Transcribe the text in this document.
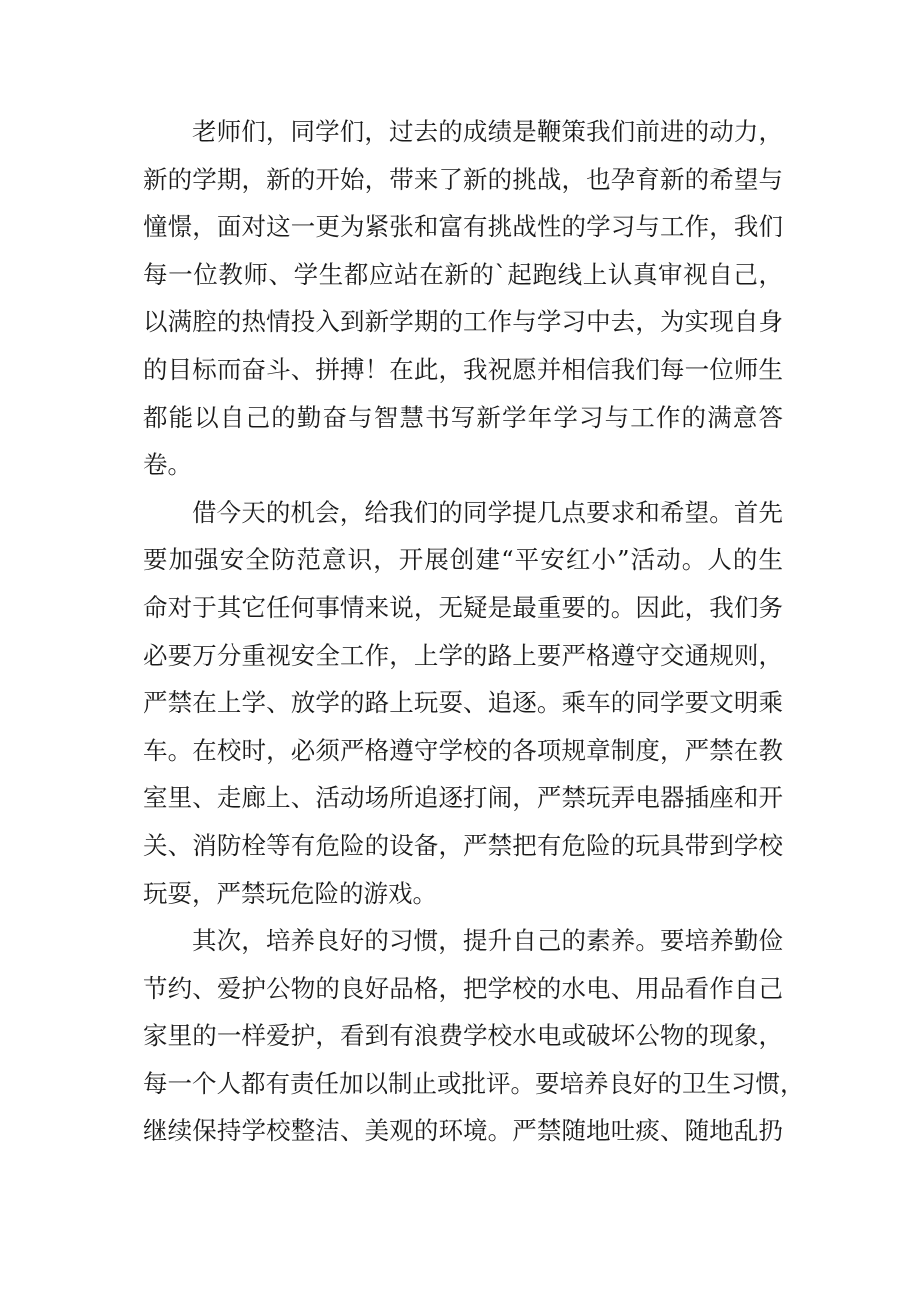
老师们，同学们，过去的成绩是鞭策我们前进的动力，
新的学期，新的开始，带来了新的挑战，也孕育新的希望与
憧憬，面对这一更为紧张和富有挑战性的学习与工作，我们
每一位教师、学生都应站在新的`起跑线上认真审视自己，
以满腔的热情投入到新学期的工作与学习中去，为实现自身
的目标而奋斗、拼搏！在此，我祝愿并相信我们每一位师生
都能以自己的勤奋与智慧书写新学年学习与工作的满意答
卷。
借今天的机会，给我们的同学提几点要求和希望。首先
要加强安全防范意识，开展创建“平安红小”活动。人的生
命对于其它任何事情来说，无疑是最重要的。因此，我们务
必要万分重视安全工作，上学的路上要严格遵守交通规则，
严禁在上学、放学的路上玩耍、追逐。乘车的同学要文明乘
车。在校时，必须严格遵守学校的各项规章制度，严禁在教
室里、走廊上、活动场所追逐打闹，严禁玩弄电器插座和开
关、消防栓等有危险的设备，严禁把有危险的玩具带到学校
玩耍，严禁玩危险的游戏。
其次，培养良好的习惯，提升自己的素养。要培养勤俭
节约、爱护公物的良好品格，把学校的水电、用品看作自己
家里的一样爱护，看到有浪费学校水电或破坏公物的现象，
每一个人都有责任加以制止或批评。要培养良好的卫生习惯，
继续保持学校整洁、美观的环境。严禁随地吐痰、随地乱扔
